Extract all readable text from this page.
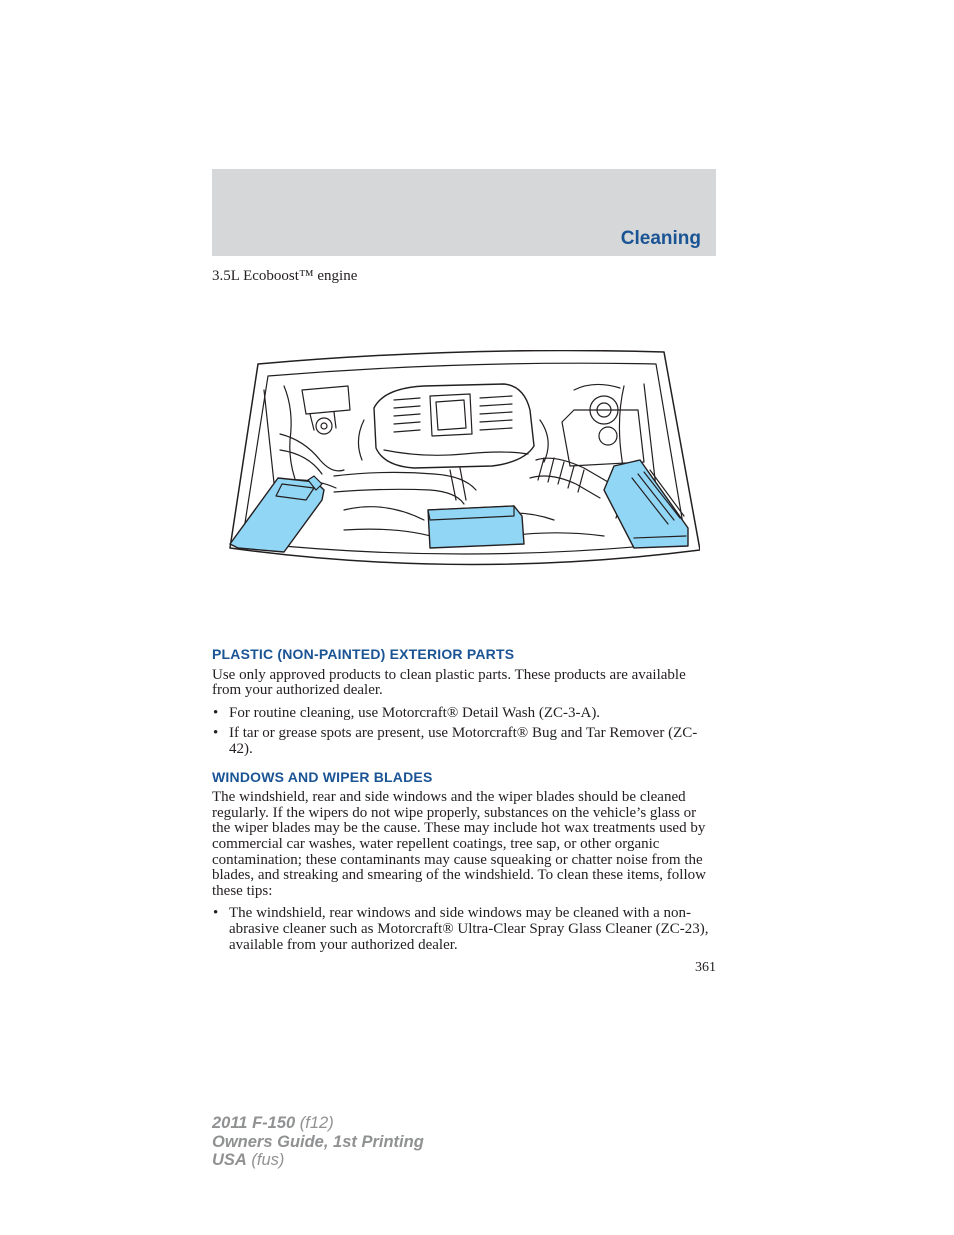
Cleaning
3.5L Ecoboost™ engine
PLASTIC (NON-PAINTED) EXTERIOR PARTS

Use only approved products to clean plastic parts. These products are available from your authorized dealer.

• For routine cleaning, use Motorcraft® Detail Wash (ZC-3-A).
• If tar or grease spots are present, use Motorcraft® Bug and Tar Remover (ZC-42).
WINDOWS AND WIPER BLADES

The windshield, rear and side windows and the wiper blades should be cleaned regularly. If the wipers do not wipe properly, substances on the vehicle’s glass or the wiper blades may be the cause. These may include hot wax treatments used by commercial car washes, water repellent coatings, tree sap, or other organic contamination; these contaminants may cause squeaking or chatter noise from the blades, and streaking and smearing of the windshield. To clean these items, follow these tips:

• The windshield, rear windows and side windows may be cleaned with a non-abrasive cleaner such as Motorcraft® Ultra-Clear Spray Glass Cleaner (ZC-23), available from your authorized dealer.
361
2011 F-150 (f12)
Owners Guide, 1st Printing
USA (fus)
